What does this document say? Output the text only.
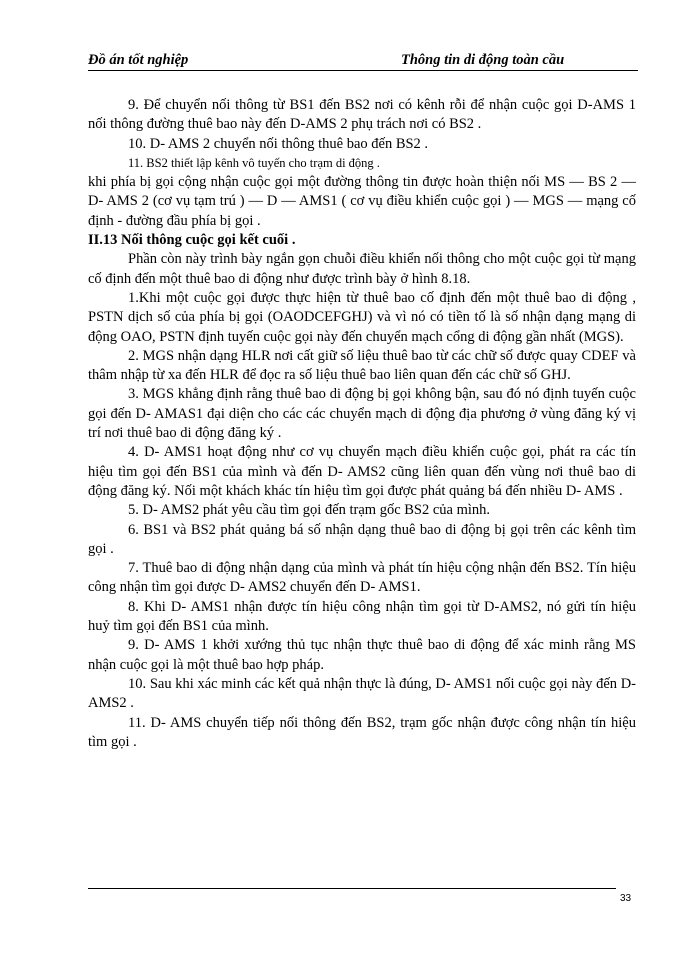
Đồ án tốt nghiệp	Thông tin di động toàn cầu

9. Để chuyển nối thông từ BS1 đến BS2 nơi có kênh rỗi để nhận cuộc gọi D-AMS 1 nối thông đường thuê bao này đến D-AMS 2 phụ trách nơi có BS2 .

10. D- AMS 2 chuyển nối thông thuê bao đến BS2 .

11. BS2 thiết lập kênh vô tuyến cho trạm di động .

khi phía bị gọi cộng nhận cuộc gọi một đường thông tin được hoàn thiện nối MS — BS 2 — D- AMS 2 (cơ vụ tạm trú ) — D — AMS1 ( cơ vụ điều khiển cuộc gọi ) — MGS — mạng cố định - đường đầu phía bị gọi .

II.13 Nối thông cuộc gọi kết cuối .

Phần còn này trình bày ngắn gọn chuỗi điều khiển nối thông cho một cuộc gọi từ mạng cố định đến một thuê bao di động như được trình bày ở hình 8.18.

1.Khi một cuộc gọi được thực hiện từ thuê bao cố định đến một thuê bao di động , PSTN dịch số của phía bị gọi (OAODCEFGHJ) và vì nó có tiền tố là số nhận dạng mạng di động OAO, PSTN định tuyến cuộc gọi này đến chuyển mạch cổng di động gần nhất (MGS).

2. MGS nhận dạng HLR nơi cất giữ số liệu thuê bao từ các chữ số được quay CDEF và thâm nhập từ xa đến HLR để đọc ra số liệu thuê bao liên quan đến các chữ số GHJ.

3. MGS khẳng định rằng thuê bao di động bị gọi không bận, sau đó nó định tuyến cuộc gọi đến D- AMAS1 đại diện cho các các chuyển mạch di động địa phương ở vùng đăng ký vị trí nơi thuê bao di động đăng ký .

4. D- AMS1 hoạt động như cơ vụ chuyển mạch điều khiển cuộc gọi, phát ra các tín hiệu tìm gọi đến BS1 của mình và đến D- AMS2 cũng liên quan đến vùng nơi thuê bao di động đăng ký. Nối một khách khác tín hiệu tìm gọi được phát quảng bá đến nhiều D- AMS .

5. D- AMS2 phát yêu cầu tìm gọi đến trạm gốc BS2 của mình.

6. BS1 và BS2 phát quảng bá số nhận dạng thuê bao di động bị gọi trên các kênh tìm gọi .

7. Thuê bao di động nhận dạng của mình và phát tín hiệu cộng nhận đến BS2. Tín hiệu công nhận tìm gọi được D- AMS2 chuyển đến D- AMS1.

8. Khi D- AMS1 nhận được tín hiệu công nhận tìm gọi từ D-AMS2, nó gửi tín hiệu huỷ tìm gọi đến BS1 của mình.

9. D- AMS 1 khởi xướng thủ tục nhận thực thuê bao di động để xác minh rằng MS nhận cuộc gọi là một thuê bao hợp pháp.

10. Sau khi xác minh các kết quả nhận thực là đúng, D- AMS1 nối cuộc gọi này đến D- AMS2 .

11. D- AMS chuyển tiếp nối thông đến BS2, trạm gốc nhận được công nhận tín hiệu tìm gọi .

33
